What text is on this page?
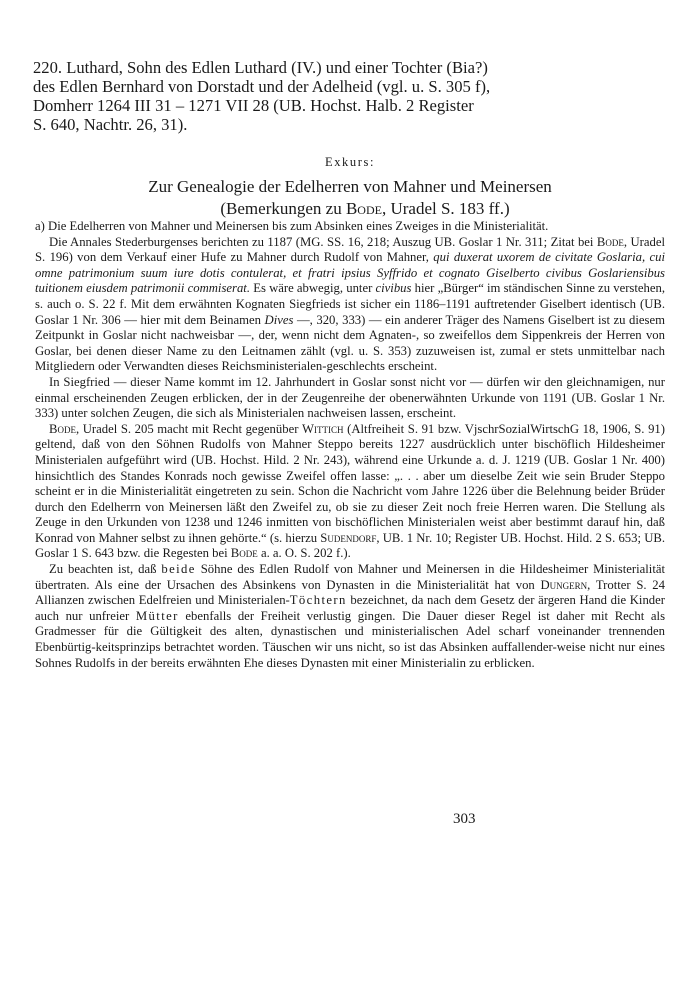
220. Luthard, Sohn des Edlen Luthard (IV.) und einer Tochter (Bia?)
des Edlen Bernhard von Dorstadt und der Adelheid (vgl. u. S. 305 f),
Domherr 1264 III 31 – 1271 VII 28 (UB. Hochst. Halb. 2 Register
S. 640, Nachtr. 26, 31).
Exkurs:
Zur Genealogie der Edelherren von Mahner und Meinersen
(Bemerkungen zu Bode, Uradel S. 183 ff.)

a) Die Edelherren von Mahner und Meinersen bis zum Absinken eines Zweiges in die Ministerialität.

Die Annales Stederburgenses berichten zu 1187 (MG. SS. 16, 218; Auszug UB. Goslar 1 Nr. 311; Zitat bei Bode, Uradel S. 196) von dem Verkauf einer Hufe zu Mahner durch Rudolf von Mahner, qui duxerat uxorem de civitate Goslaria, cui omne patrimonium suum iure dotis contulerat, et fratri ipsius Syffrido et cognato Giselberto civibus Goslariensibus tuitionem eiusdem patrimonii commiserat. Es wäre abwegig, unter civibus hier „Bürger“ im ständischen Sinne zu verstehen, s. auch o. S. 22 f. Mit dem erwähnten Kognaten Siegfrieds ist sicher ein 1186–1191 auftretender Giselbert identisch (UB. Goslar 1 Nr. 306 — hier mit dem Beinamen Dives —, 320, 333) — ein anderer Träger des Namens Giselbert ist zu diesem Zeitpunkt in Goslar nicht nachweisbar —, der, wenn nicht dem Agnaten-, so zweifellos dem Sippenkreis der Herren von Goslar, bei denen dieser Name zu den Leitnamen zählt (vgl. u. S. 353) zuzuweisen ist, zumal er stets unmittelbar nach Mitgliedern oder Verwandten dieses Reichsministerialen-geschlechts erscheint.

In Siegfried — dieser Name kommt im 12. Jahrhundert in Goslar sonst nicht vor — dürfen wir den gleichnamigen, nur einmal erscheinenden Zeugen erblicken, der in der Zeugenreihe der obenerwähnten Urkunde von 1191 (UB. Goslar 1 Nr. 333) unter solchen Zeugen, die sich als Ministerialen nachweisen lassen, erscheint.

Bode, Uradel S. 205 macht mit Recht gegenüber Wittich (Altfreiheit S. 91 bzw. VjschrSozialWirtschG 18, 1906, S. 91) geltend, daß von den Söhnen Rudolfs von Mahner Steppo bereits 1227 ausdrücklich unter bischöflich Hildesheimer Ministerialen aufgeführt wird (UB. Hochst. Hild. 2 Nr. 243), während eine Urkunde a. d. J. 1219 (UB. Goslar 1 Nr. 400) hinsichtlich des Standes Konrads noch gewisse Zweifel offen lasse: „. . . aber um dieselbe Zeit wie sein Bruder Steppo scheint er in die Ministerialität eingetreten zu sein. Schon die Nachricht vom Jahre 1226 über die Belehnung beider Brüder durch den Edelherrn von Meinersen läßt den Zweifel zu, ob sie zu dieser Zeit noch freie Herren waren. Die Stellung als Zeuge in den Urkunden von 1238 und 1246 inmitten von bischöflichen Ministerialen weist aber bestimmt darauf hin, daß Konrad von Mahner selbst zu ihnen gehörte.“ (s. hierzu Sudendorf, UB. 1 Nr. 10; Register UB. Hochst. Hild. 2 S. 653; UB. Goslar 1 S. 643 bzw. die Regesten bei Bode a. a. O. S. 202 f.).

Zu beachten ist, daß beide Söhne des Edlen Rudolf von Mahner und Meinersen in die Hildesheimer Ministerialität übertraten. Als eine der Ursachen des Absinkens von Dynasten in die Ministerialität hat von Dungern, Trotter S. 24 Allianzen zwischen Edelfreien und Ministerialen-Töchtern bezeichnet, da nach dem Gesetz der ärgeren Hand die Kinder auch nur unfreier Mütter ebenfalls der Freiheit verlustig gingen. Die Dauer dieser Regel ist daher mit Recht als Gradmesser für die Gültigkeit des alten, dynastischen und ministerialischen Adel scharf voneinander trennenden Ebenbürtig-keitsprinzips betrachtet worden. Täuschen wir uns nicht, so ist das Absinken auffallender-weise nicht nur eines Sohnes Rudolfs in der bereits erwähnten Ehe dieses Dynasten mit einer Ministerialin zu erblicken.

303
